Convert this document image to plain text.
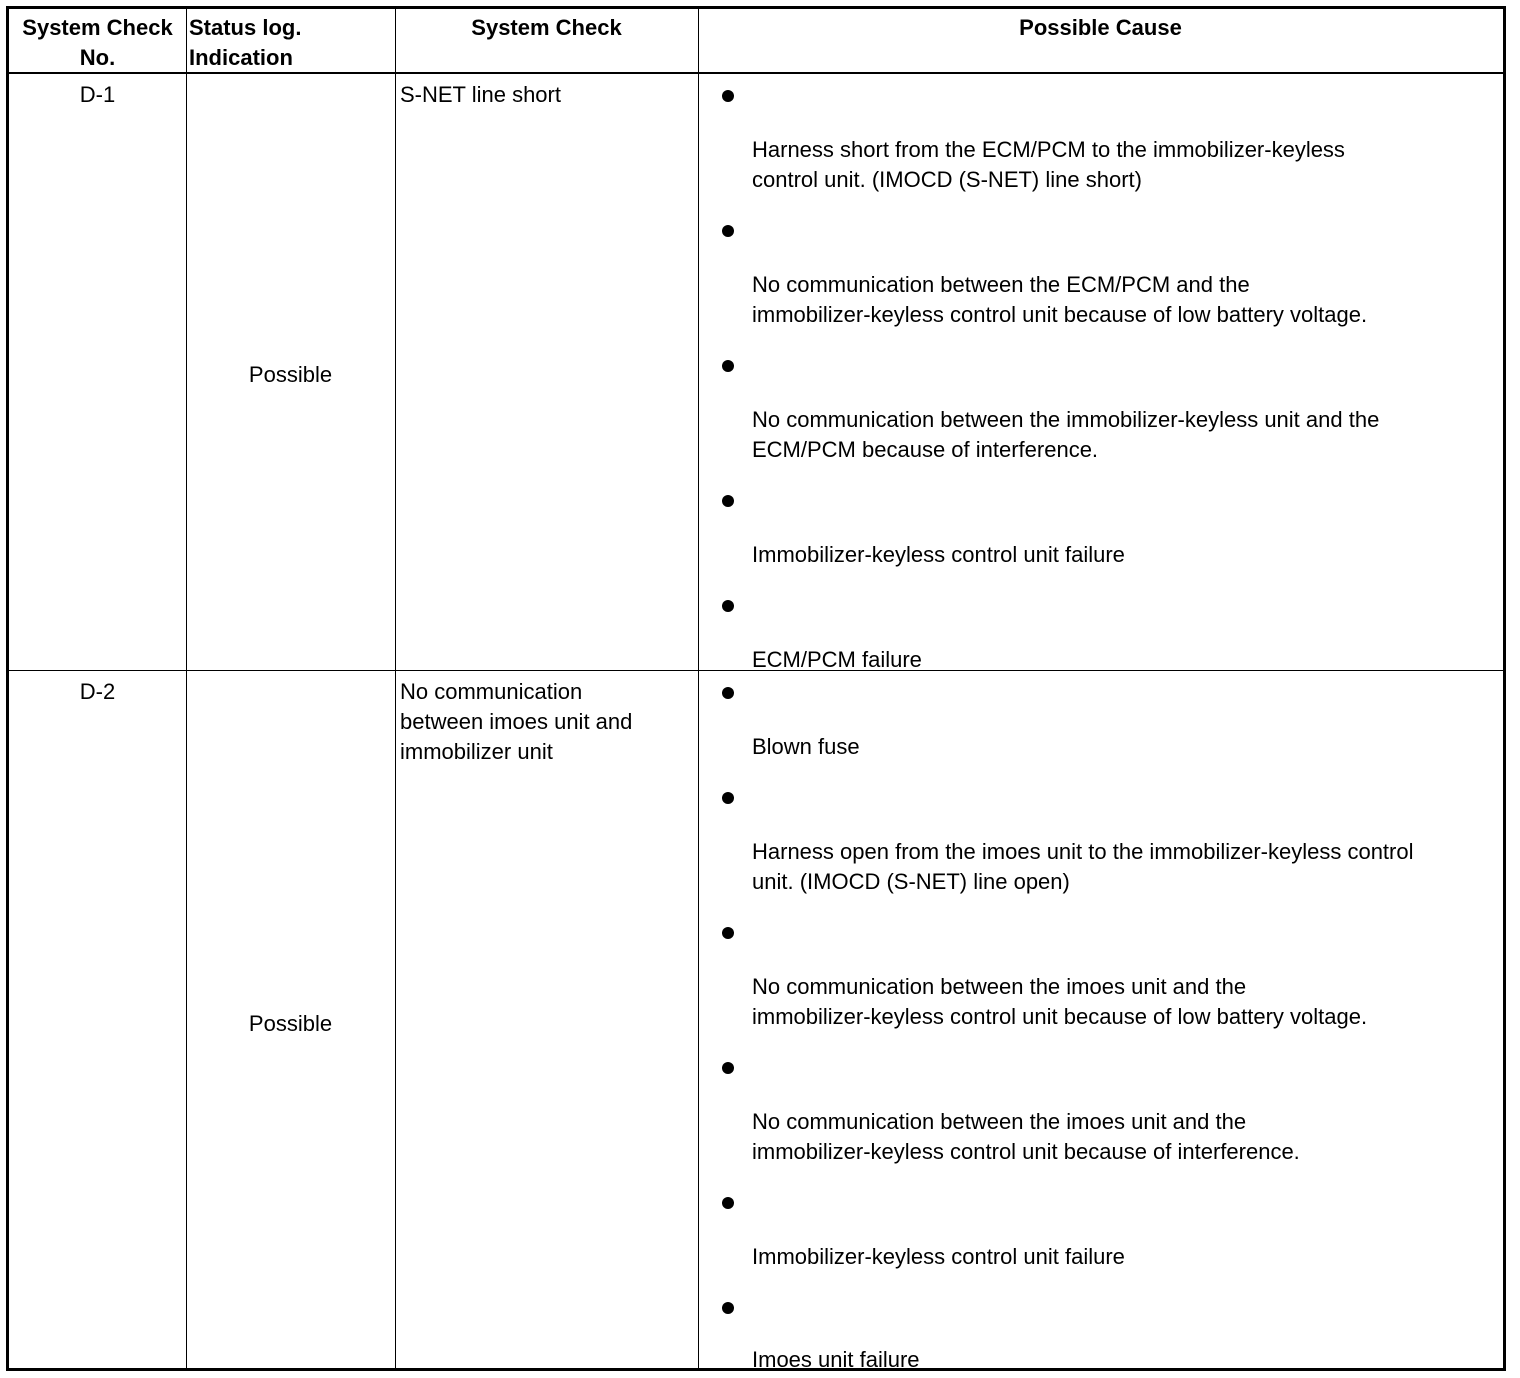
System Check
No.
Status log.
Indication
System Check	Possible Cause
D-1
Possible
S-NET line short
Harness short from the ECM/PCM to the immobilizer-keyless
control unit. (IMOCD (S-NET) line short)
No communication between the ECM/PCM and the
immobilizer-keyless control unit because of low battery voltage.
No communication between the immobilizer-keyless unit and the
ECM/PCM because of interference.
Immobilizer-keyless control unit failure
ECM/PCM failure
D-2
Possible
No communication
between imoes unit and
immobilizer unit	Blown fuse
Harness open from the imoes unit to the immobilizer-keyless control
unit. (IMOCD (S-NET) line open)
No communication between the imoes unit and the
immobilizer-keyless control unit because of low battery voltage.
No communication between the imoes unit and the
immobilizer-keyless control unit because of interference.
Immobilizer-keyless control unit failure
Imoes unit failure
